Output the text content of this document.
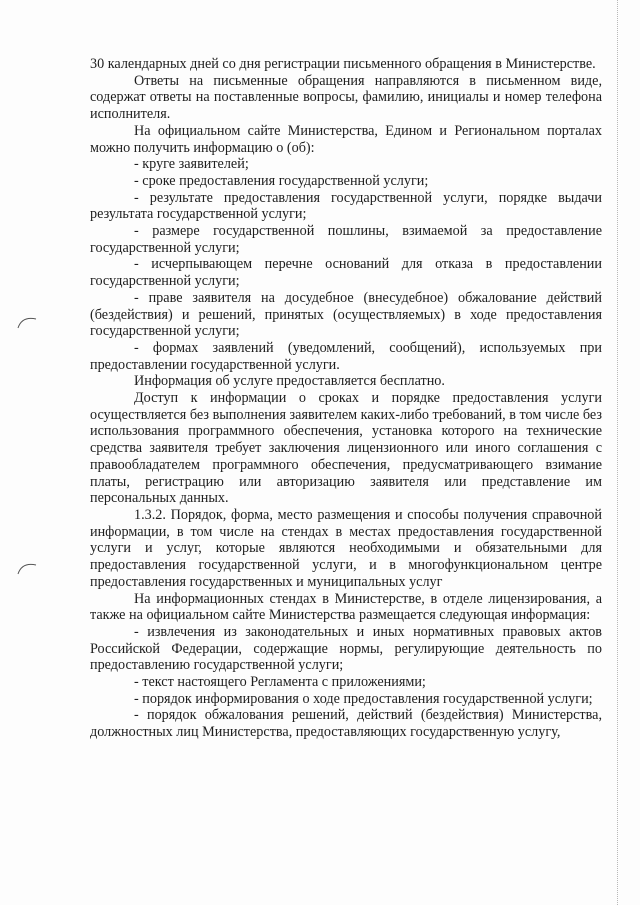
30 календарных дней со дня регистрации письменного обращения в Министерстве.

Ответы на письменные обращения направляются в письменном виде, содержат ответы на поставленные вопросы, фамилию, инициалы и номер телефона исполнителя.

На официальном сайте Министерства, Едином и Региональном порталах можно получить информацию о (об):

- круге заявителей;

- сроке предоставления государственной услуги;

- результате предоставления государственной услуги, порядке выдачи результата государственной услуги;

- размере государственной пошлины, взимаемой за предоставление государственной услуги;

- исчерпывающем перечне оснований для отказа в предоставлении государственной услуги;

- праве заявителя на досудебное (внесудебное) обжалование действий (бездействия) и решений, принятых (осуществляемых) в ходе предоставления государственной услуги;

- формах заявлений (уведомлений, сообщений), используемых при предоставлении государственной услуги.

Информация об услуге предоставляется бесплатно.

Доступ к информации о сроках и порядке предоставления услуги осуществляется без выполнения заявителем каких-либо требований, в том числе без использования программного обеспечения, установка которого на технические средства заявителя требует заключения лицензионного или иного соглашения с правообладателем программного обеспечения, предусматривающего взимание платы, регистрацию или авторизацию заявителя или представление им персональных данных.

1.3.2. Порядок, форма, место размещения и способы получения справочной информации, в том числе на стендах в местах предоставления государственной услуги и услуг, которые являются необходимыми и обязательными для предоставления государственной услуги, и в многофункциональном центре предоставления государственных и муниципальных услуг

На информационных стендах в Министерстве, в отделе лицензирования, а также на официальном сайте Министерства размещается следующая информация:

- извлечения из законодательных и иных нормативных правовых актов Российской Федерации, содержащие нормы, регулирующие деятельность по предоставлению государственной услуги;

- текст настоящего Регламента с приложениями;

- порядок информирования о ходе предоставления государственной услуги;

- порядок обжалования решений, действий (бездействия) Министерства, должностных лиц Министерства, предоставляющих государственную услугу,
